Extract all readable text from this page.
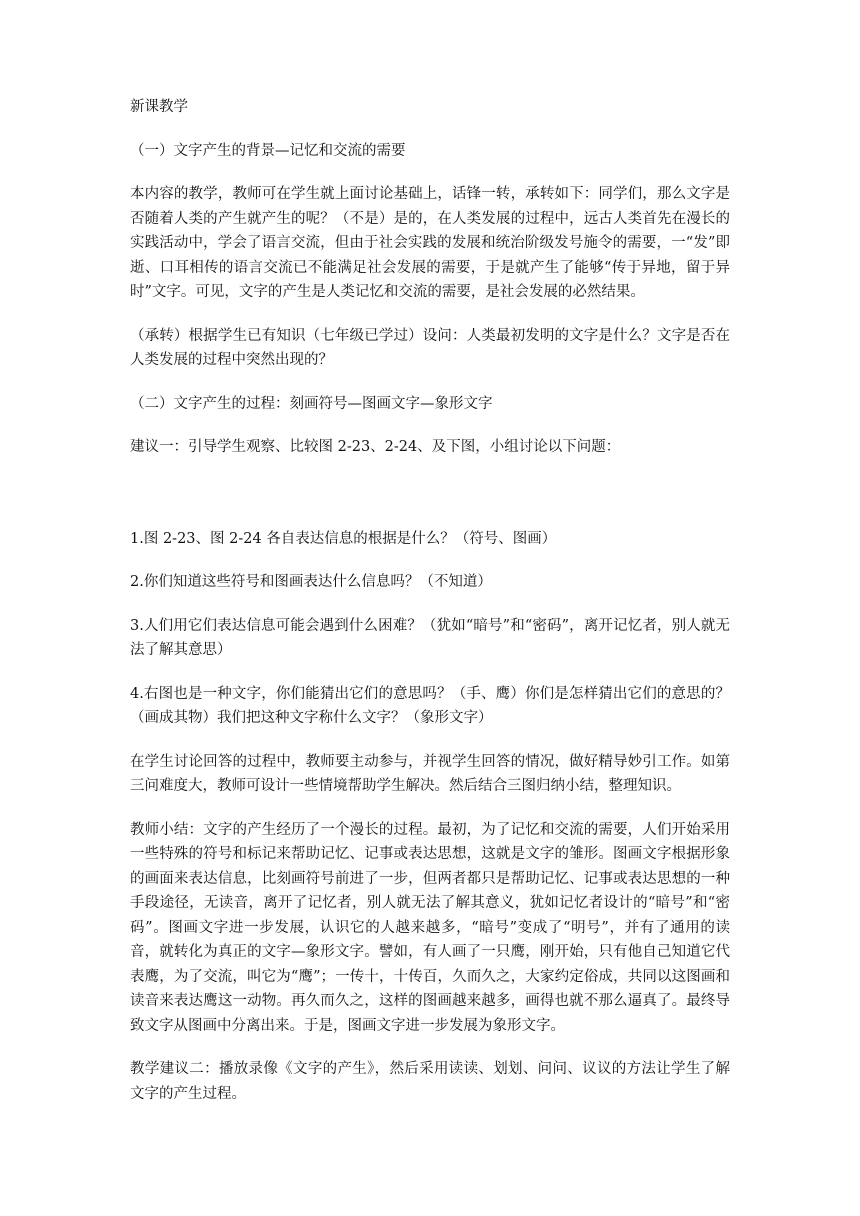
新课教学

（一）文字产生的背景—记忆和交流的需要

本内容的教学，教师可在学生就上面讨论基础上，话锋一转，承转如下：同学们，那么文字是否随着人类的产生就产生的呢？（不是）是的，在人类发展的过程中，远古人类首先在漫长的实践活动中，学会了语言交流，但由于社会实践的发展和统治阶级发号施令的需要，一“发”即逝、口耳相传的语言交流已不能满足社会发展的需要，于是就产生了能够“传于异地，留于异时”文字。可见，文字的产生是人类记忆和交流的需要，是社会发展的必然结果。

（承转）根据学生已有知识（七年级已学过）设问：人类最初发明的文字是什么？文字是否在人类发展的过程中突然出现的？

（二）文字产生的过程：刻画符号—图画文字—象形文字

建议一：引导学生观察、比较图 2-23、2-24、及下图，小组讨论以下问题：

1.图 2-23、图 2-24 各自表达信息的根据是什么？（符号、图画）

2.你们知道这些符号和图画表达什么信息吗？（不知道）

3.人们用它们表达信息可能会遇到什么困难？（犹如“暗号”和“密码”，离开记忆者，别人就无法了解其意思）

4.右图也是一种文字，你们能猜出它们的意思吗？（手、鹰）你们是怎样猜出它们的意思的？（画成其物）我们把这种文字称什么文字？（象形文字）

在学生讨论回答的过程中，教师要主动参与，并视学生回答的情况，做好精导妙引工作。如第三问难度大，教师可设计一些情境帮助学生解决。然后结合三图归纳小结，整理知识。

教师小结：文字的产生经历了一个漫长的过程。最初，为了记忆和交流的需要，人们开始采用一些特殊的符号和标记来帮助记忆、记事或表达思想，这就是文字的雏形。图画文字根据形象的画面来表达信息，比刻画符号前进了一步，但两者都只是帮助记忆、记事或表达思想的一种手段途径，无读音，离开了记忆者，别人就无法了解其意义，犹如记忆者设计的“暗号”和“密码”。图画文字进一步发展，认识它的人越来越多，“暗号”变成了“明号”，并有了通用的读音，就转化为真正的文字—象形文字。譬如，有人画了一只鹰，刚开始，只有他自己知道它代表鹰，为了交流，叫它为“鹰”；一传十，十传百，久而久之，大家约定俗成，共同以这图画和读音来表达鹰这一动物。再久而久之，这样的图画越来越多，画得也就不那么逼真了。最终导致文字从图画中分离出来。于是，图画文字进一步发展为象形文字。

教学建议二：播放录像《文字的产生》，然后采用读读、划划、问问、议议的方法让学生了解文字的产生过程。
